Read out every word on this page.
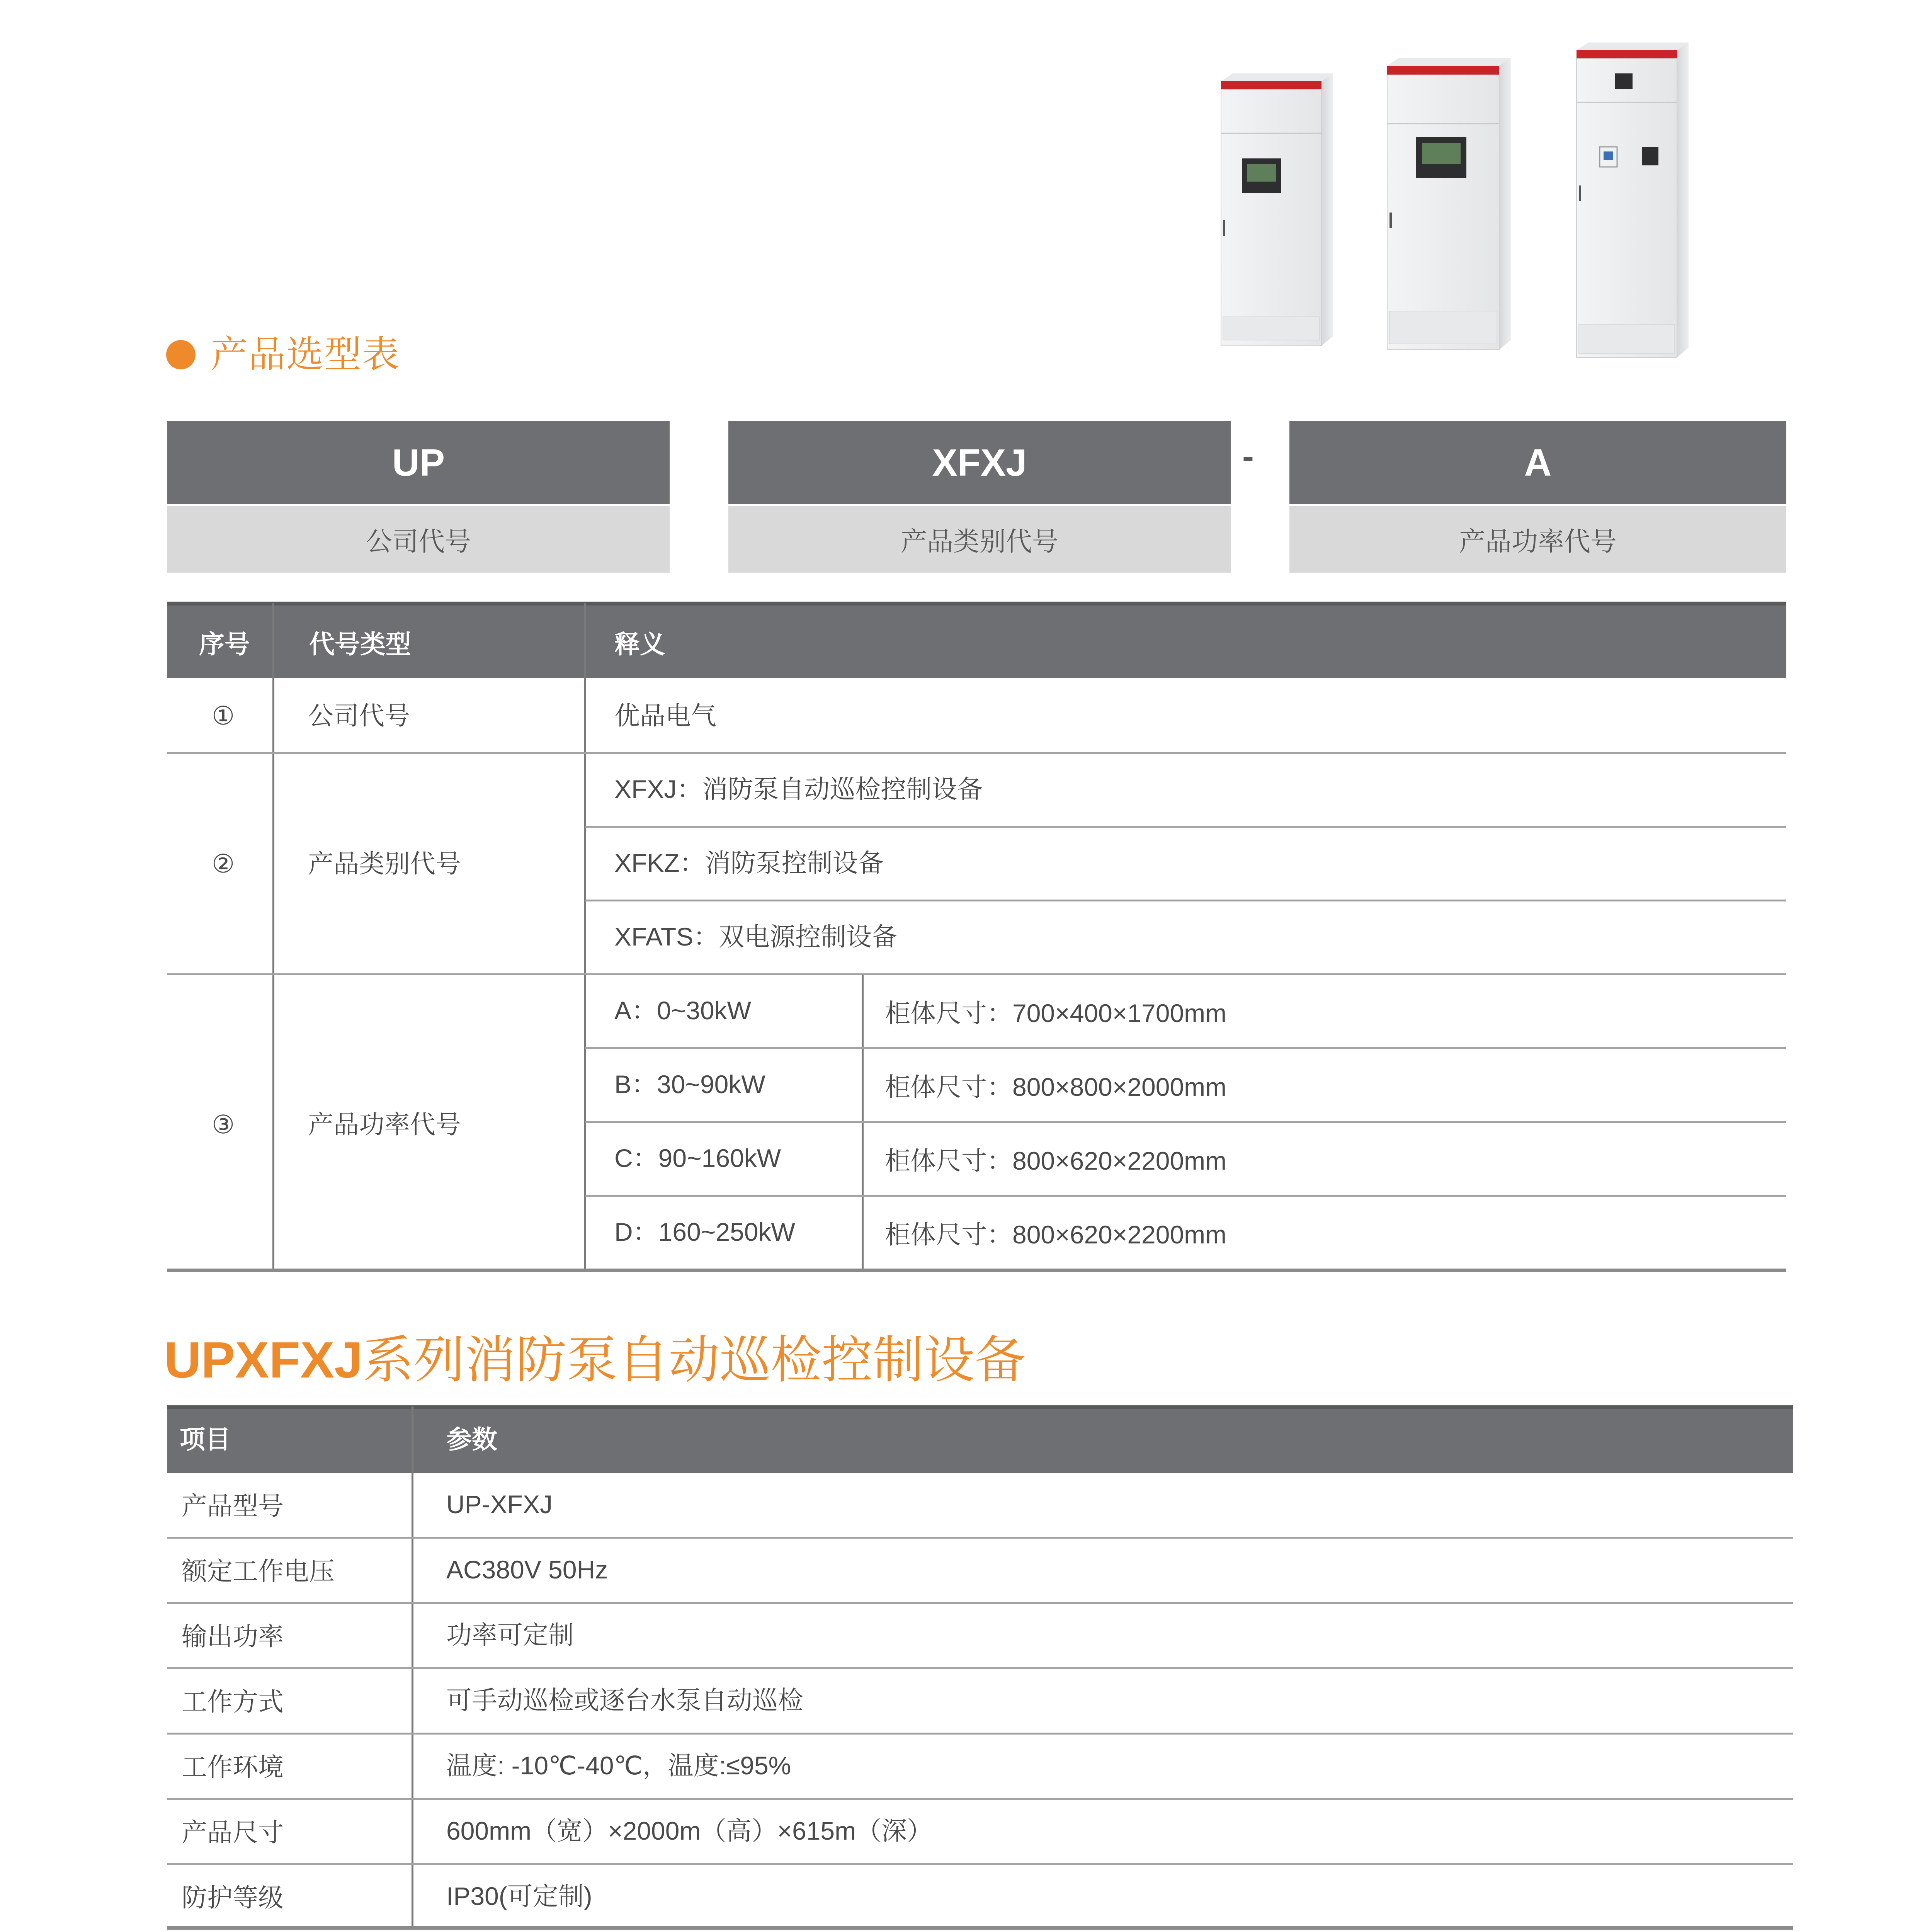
产品选型表
UP
公司代号
XFXJ
产品类别代号
-	A
产品功率代号
序号 代号类型	释义
①	公司代号	优品电气
②	产品类别代号
XFXJ：消防泵自动巡检控制设备
XFKZ：消防泵控制设备
XFATS：双电源控制设备
③	产品功率代号
A：0~30kW	柜体尺寸：700×400×1700mm
B：30~90kW	柜体尺寸：800×800×2000mm
C：90~160kW	柜体尺寸：800×620×2200mm
D：160~250kW	柜体尺寸：800×620×2200mm
UPXFXJ系列消防泵自动巡检控制设备
项目	参数
产品型号	UP-XFXJ
额定工作电压	AC380V 50Hz
输出功率	功率可定制
工作方式	可手动巡检或逐台水泵自动巡检
工作环境	温度: -10℃-40℃，温度:≤95%
产品尺寸	600mm（宽）×2000m（高）×615m（深）
防护等级	IP30(可定制)
